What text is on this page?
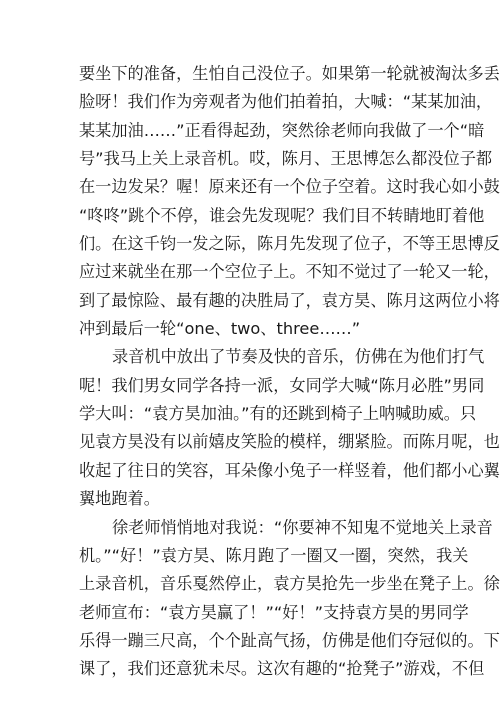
要坐下的准备，生怕自己没位子。如果第一轮就被淘汰多丢
脸呀！我们作为旁观者为他们拍着拍，大喊：“某某加油，
某某加油……”正看得起劲，突然徐老师向我做了一个“暗
号”我马上关上录音机。哎，陈月、王思博怎么都没位子都
在一边发呆？喔！原来还有一个位子空着。这时我心如小鼓
“咚咚”跳个不停，谁会先发现呢？我们目不转睛地盯着他
们。在这千钧一发之际，陈月先发现了位子，不等王思博反
应过来就坐在那一个空位子上。不知不觉过了一轮又一轮，
到了最惊险、最有趣的决胜局了，袁方昊、陈月这两位小将
冲到最后一轮“one、two、three……”
录音机中放出了节奏及快的音乐，仿佛在为他们打气
呢！我们男女同学各持一派，女同学大喊“陈月必胜”男同
学大叫：“袁方昊加油。”有的还跳到椅子上呐喊助威。只
见袁方昊没有以前嬉皮笑脸的模样，绷紧脸。而陈月呢，也
收起了往日的笑容，耳朵像小兔子一样竖着，他们都小心翼
翼地跑着。
徐老师悄悄地对我说：“你要神不知鬼不觉地关上录音
机。”“好！”袁方昊、陈月跑了一圈又一圈，突然，我关
上录音机，音乐戛然停止，袁方昊抢先一步坐在凳子上。徐
老师宣布：“袁方昊赢了！”“好！”支持袁方昊的男同学
乐得一蹦三尺高，个个趾高气扬，仿佛是他们夺冠似的。下
课了，我们还意犹未尽。这次有趣的“抢凳子”游戏，不但
